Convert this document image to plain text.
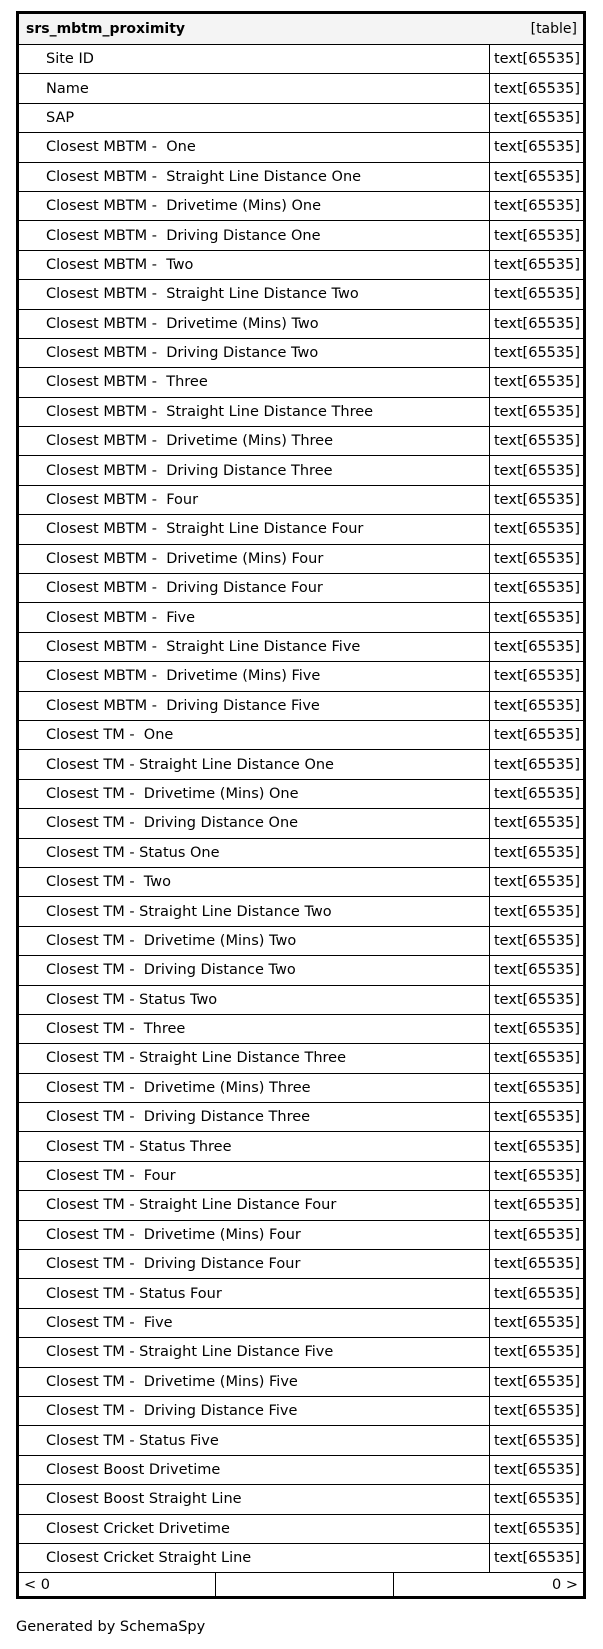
srs_mbtm_proximity	[table]
Site ID	text[65535]
Name	text[65535]
SAP	text[65535]
Closest MBTM -  One	text[65535]
Closest MBTM -  Straight Line Distance One	text[65535]
Closest MBTM -  Drivetime (Mins) One	text[65535]
Closest MBTM -  Driving Distance One	text[65535]
Closest MBTM -  Two	text[65535]
Closest MBTM -  Straight Line Distance Two	text[65535]
Closest MBTM -  Drivetime (Mins) Two	text[65535]
Closest MBTM -  Driving Distance Two	text[65535]
Closest MBTM -  Three	text[65535]
Closest MBTM -  Straight Line Distance Three	text[65535]
Closest MBTM -  Drivetime (Mins) Three	text[65535]
Closest MBTM -  Driving Distance Three	text[65535]
Closest MBTM -  Four	text[65535]
Closest MBTM -  Straight Line Distance Four	text[65535]
Closest MBTM -  Drivetime (Mins) Four	text[65535]
Closest MBTM -  Driving Distance Four	text[65535]
Closest MBTM -  Five	text[65535]
Closest MBTM -  Straight Line Distance Five	text[65535]
Closest MBTM -  Drivetime (Mins) Five	text[65535]
Closest MBTM -  Driving Distance Five	text[65535]
Closest TM -  One	text[65535]
Closest TM - Straight Line Distance One	text[65535]
Closest TM -  Drivetime (Mins) One	text[65535]
Closest TM -  Driving Distance One	text[65535]
Closest TM - Status One	text[65535]
Closest TM -  Two	text[65535]
Closest TM - Straight Line Distance Two	text[65535]
Closest TM -  Drivetime (Mins) Two	text[65535]
Closest TM -  Driving Distance Two	text[65535]
Closest TM - Status Two	text[65535]
Closest TM -  Three	text[65535]
Closest TM - Straight Line Distance Three	text[65535]
Closest TM -  Drivetime (Mins) Three	text[65535]
Closest TM -  Driving Distance Three	text[65535]
Closest TM - Status Three	text[65535]
Closest TM -  Four	text[65535]
Closest TM - Straight Line Distance Four	text[65535]
Closest TM -  Drivetime (Mins) Four	text[65535]
Closest TM -  Driving Distance Four	text[65535]
Closest TM - Status Four	text[65535]
Closest TM -  Five	text[65535]
Closest TM - Straight Line Distance Five	text[65535]
Closest TM -  Drivetime (Mins) Five	text[65535]
Closest TM -  Driving Distance Five	text[65535]
Closest TM - Status Five	text[65535]
Closest Boost Drivetime	text[65535]
Closest Boost Straight Line	text[65535]
Closest Cricket Drivetime	text[65535]
Closest Cricket Straight Line	text[65535]
< 0	0 >
Generated by SchemaSpy
